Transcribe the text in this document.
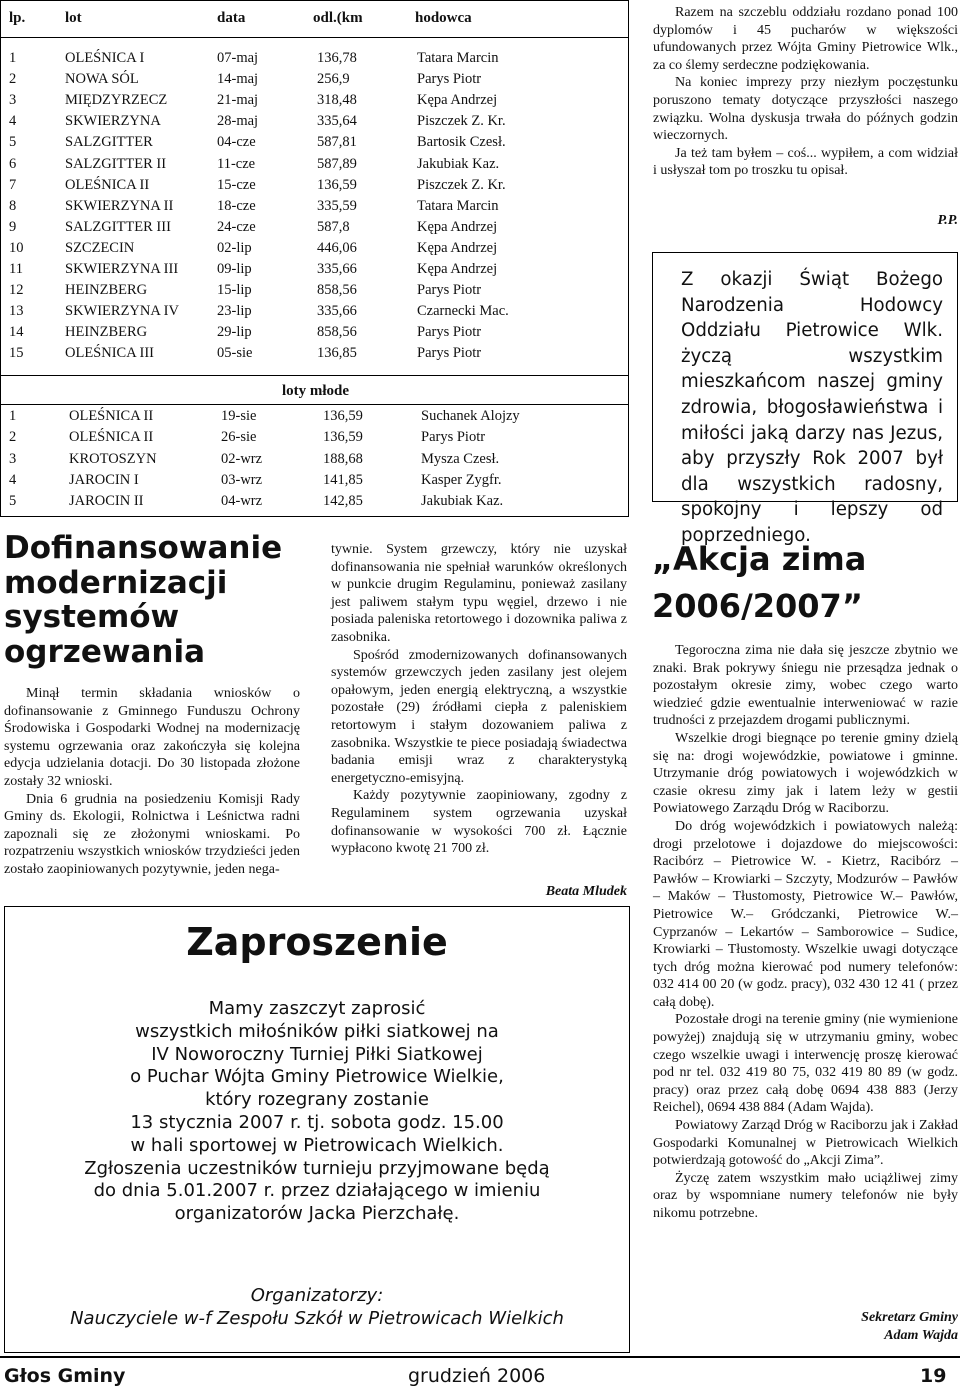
lp.	lot	data	odl.(km	hodowca
1	OLEŚNICA I	07-maj	136,78	Tatara Marcin
2	NOWA SÓL	14-maj	256,9	Parys Piotr
3	MIĘDZYRZECZ	21-maj	318,48	Kępa Andrzej
4	SKWIERZYNA	28-maj	335,64	Piszczek Z. Kr.
5	SALZGITTER	04-cze	587,81	Bartosik Czesł.
6	SALZGITTER II	11-cze	587,89	Jakubiak Kaz.
7	OLEŚNICA II	15-cze	136,59	Piszczek Z. Kr.
8	SKWIERZYNA II	18-cze	335,59	Tatara Marcin
9	SALZGITTER III	24-cze	587,8	Kępa Andrzej
10	SZCZECIN	02-lip	446,06	Kępa Andrzej
11	SKWIERZYNA III	09-lip	335,66	Kępa Andrzej
12	HEINZBERG	15-lip	858,56	Parys Piotr
13	SKWIERZYNA IV	23-lip	335,66	Czarnecki Mac.
14	HEINZBERG	29-lip	858,56	Parys Piotr
15	OLEŚNICA III	05-sie	136,85	Parys Piotr
loty młode
1	OLEŚNICA II	19-sie	136,59	Suchanek Alojzy
2	OLEŚNICA II	26-sie	136,59	Parys Piotr
3	KROTOSZYN	02-wrz	188,68	Mysza Czesł.
4	JAROCIN I	03-wrz	141,85	Kasper Zygfr.
5	JAROCIN II	04-wrz	142,85	Jakubiak Kaz.

Razem na szczeblu oddziału rozdano ponad 100 dyplomów i 45 pucharów w większości ufundowanych przez Wójta Gminy Pietrowice Wlk., za co ślemy serdeczne podziękowania.

Na koniec imprezy przy niezłym poczęstunku poruszono tematy dotyczące przyszłości naszego związku. Wolna dyskusja trwała do późnych godzin wieczornych.

Ja też tam byłem – coś... wypiłem, a com widział i usłyszał tom po troszku tu opisał.

P.P.
Z okazji Świąt Bożego Narodzenia Hodowcy Oddziału Pietrowice Wlk. życzą wszystkim mieszkańcom naszej gminy zdrowia, błogosławieństwa i miłości jaką darzy nas Jezus, aby przyszły Rok 2007 był dla wszystkich radosny, spokojny i lepszy od poprzedniego.
Dofinansowanie modernizacji systemów ogrzewania

Minął termin składania wniosków o dofinansowanie z Gminnego Funduszu Ochrony Środowiska i Gospodarki Wodnej na modernizację systemu ogrzewania oraz zakończyła się kolejna edycja udzielania dotacji. Do 30 listopada złożone zostały 32 wnioski.

Dnia 6 grudnia na posiedzeniu Komisji Rady Gminy ds. Ekologii, Rolnictwa i Leśnictwa radni zapoznali się ze złożonymi wnioskami. Po rozpatrzeniu wszystkich wniosków trzydzieści jeden zostało zaopiniowanych pozytywnie, jeden nega-

tywnie. System grzewczy, który nie uzyskał dofinansowania nie spełniał warunków określonych w punkcie drugim Regulaminu, ponieważ zasilany jest paliwem stałym typu węgiel, drzewo i nie posiada paleniska retortowego i dozownika paliwa z zasobnika.

Spośród zmodernizowanych dofinansowanych systemów grzewczych jeden zasilany jest olejem opałowym, jeden energią elektryczną, a wszystkie pozostałe (29) źródłami ciepła z paleniskiem retortowym i stałym dozowaniem paliwa z zasobnika. Wszystkie te piece posiadają świadectwa badania emisji wraz z charakterystyką energetyczno-emisyjną.

Każdy pozytywnie zaopiniowany, zgodny z Regulaminem system ogrzewania uzyskał dofinansowanie w wysokości 700 zł. Łącznie wypłacono kwotę 21 700 zł.

Beata Mludek
Zaproszenie
Mamy zaszczyt zaprosić
wszystkich miłośników piłki siatkowej na
IV Noworoczny Turniej Piłki Siatkowej
o Puchar Wójta Gminy Pietrowice Wielkie,
który rozegrany zostanie
13 stycznia 2007 r. tj. sobota godz. 15.00
w hali sportowej w Pietrowicach Wielkich.
Zgłoszenia uczestników turnieju przyjmowane będą
do dnia 5.01.2007 r. przez działającego w imieniu
organizatorów Jacka Pierzchałę.
Organizatorzy:
Nauczyciele w-f Zespołu Szkół w Pietrowicach Wielkich
„Akcja zima
2006/2007”

Tegoroczna zima nie dała się jeszcze zbytnio we znaki. Brak pokrywy śniegu nie przesądza jednak o pozostałym okresie zimy, wobec czego warto wiedzieć gdzie ewentualnie interweniować w razie trudności z przejazdem drogami publicznymi.

Wszelkie drogi biegnące po terenie gminy dzielą się na: drogi wojewódzkie, powiatowe i gminne. Utrzymanie dróg powiatowych i wojewódzkich w czasie okresu zimy jak i latem leży w gestii Powiatowego Zarządu Dróg w Raciborzu.

Do dróg wojewódzkich i powiatowych należą: drogi przelotowe i dojazdowe do miejscowości: Racibórz – Pietrowice W. - Kietrz, Racibórz – Pawłów – Krowiarki – Szczyty, Modzurów – Pawłów – Maków – Tłustomosty, Pietrowice W.– Pawłów, Pietrowice W.– Gródczanki, Pietrowice W.– Cyprzanów – Lekartów – Samborowice – Sudice, Krowiarki – Tłustomosty. Wszelkie uwagi dotyczące tych dróg można kierować pod numery telefonów: 032 414 00 20 (w godz. pracy), 032 430 12 41 ( przez całą dobę).

Pozostałe drogi na terenie gminy (nie wymienione powyżej) znajdują się w utrzymaniu gminy, wobec czego wszelkie uwagi i interwencję proszę kierować pod nr tel. 032 419 80 75, 032 419 80 89 (w godz. pracy) oraz przez całą dobę 0694 438 883 (Jerzy Reichel), 0694 438 884 (Adam Wajda).

Powiatowy Zarząd Dróg w Raciborzu jak i Zakład Gospodarki Komunalnej w Pietrowicach Wielkich potwierdzają gotowość do „Akcji Zima”.

Życzę zatem wszystkim mało uciążliwej zimy oraz by wspomniane numery telefonów nie były nikomu potrzebne.

Sekretarz Gminy
Adam Wajda
Głos Gminy	grudzień 2006	19
